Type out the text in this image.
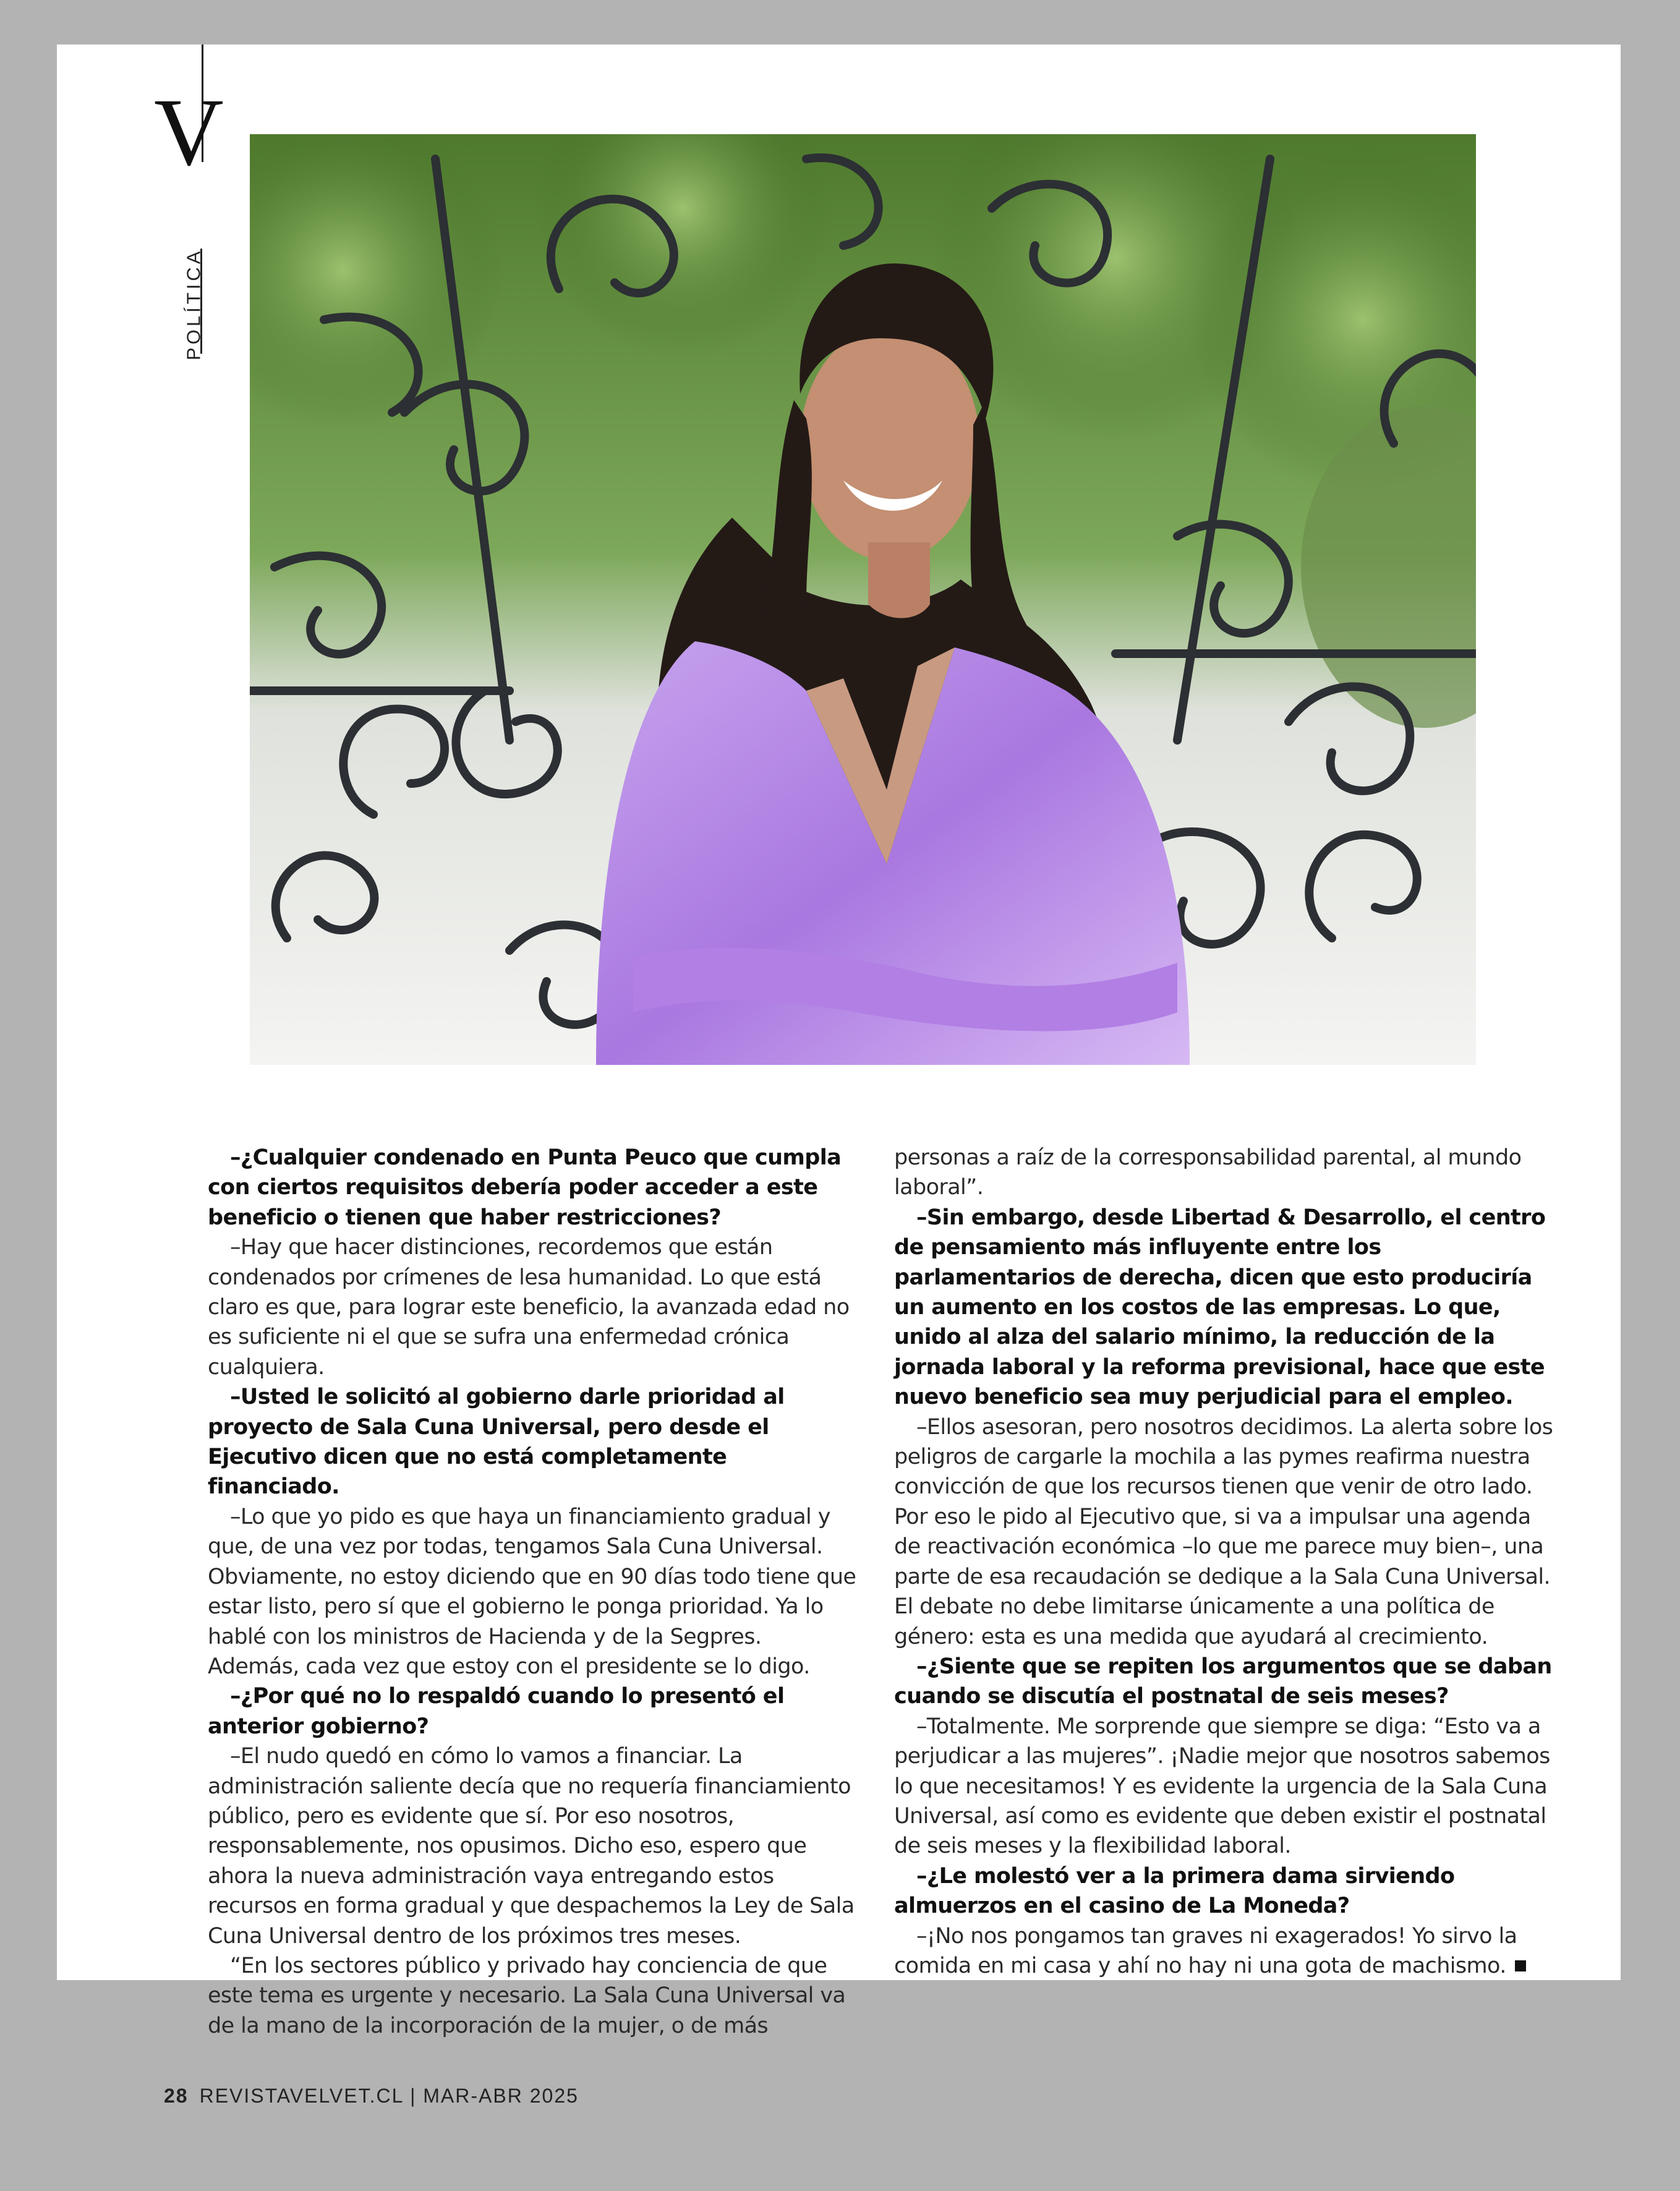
V
POLÍTICA

–¿Cualquier condenado en Punta Peuco que cumpla con ciertos requisitos debería poder acceder a este beneficio o tienen que haber restricciones?

–Hay que hacer distinciones, recordemos que están condenados por crímenes de lesa humanidad. Lo que está claro es que, para lograr este beneficio, la avanzada edad no es suficiente ni el que se sufra una enfermedad crónica cualquiera.

–Usted le solicitó al gobierno darle prioridad al proyecto de Sala Cuna Universal, pero desde el Ejecutivo dicen que no está completamente financiado.

–Lo que yo pido es que haya un financiamiento gradual y que, de una vez por todas, tengamos Sala Cuna Universal. Obviamente, no estoy diciendo que en 90 días todo tiene que estar listo, pero sí que el gobierno le ponga prioridad. Ya lo hablé con los ministros de Hacienda y de la Segpres. Además, cada vez que estoy con el presidente se lo digo.

–¿Por qué no lo respaldó cuando lo presentó el anterior gobierno?

–El nudo quedó en cómo lo vamos a financiar. La administración saliente decía que no requería financiamiento público, pero es evidente que sí. Por eso nosotros, responsablemente, nos opusimos. Dicho eso, espero que ahora la nueva administración vaya entregando estos recursos en forma gradual y que despachemos la Ley de Sala Cuna Universal dentro de los próximos tres meses.

“En los sectores público y privado hay conciencia de que este tema es urgente y necesario. La Sala Cuna Universal va de la mano de la incorporación de la mujer, o de más

personas a raíz de la corresponsabilidad parental, al mundo laboral”.

–Sin embargo, desde Libertad & Desarrollo, el centro de pensamiento más influyente entre los parlamentarios de derecha, dicen que esto produciría un aumento en los costos de las empresas. Lo que, unido al alza del salario mínimo, la reducción de la jornada laboral y la reforma previsional, hace que este nuevo beneficio sea muy perjudicial para el empleo.

–Ellos asesoran, pero nosotros decidimos. La alerta sobre los peligros de cargarle la mochila a las pymes reafirma nuestra convicción de que los recursos tienen que venir de otro lado. Por eso le pido al Ejecutivo que, si va a impulsar una agenda de reactivación económica –lo que me parece muy bien–, una parte de esa recaudación se dedique a la Sala Cuna Universal. El debate no debe limitarse únicamente a una política de género: esta es una medida que ayudará al crecimiento.

–¿Siente que se repiten los argumentos que se daban cuando se discutía el postnatal de seis meses?

–Totalmente. Me sorprende que siempre se diga: “Esto va a perjudicar a las mujeres”. ¡Nadie mejor que nosotros sabemos lo que necesitamos! Y es evidente la urgencia de la Sala Cuna Universal, así como es evidente que deben existir el postnatal de seis meses y la flexibilidad laboral.

–¿Le molestó ver a la primera dama sirviendo almuerzos en el casino de La Moneda?

–¡No nos pongamos tan graves ni exagerados! Yo sirvo la comida en mi casa y ahí no hay ni una gota de machismo.

28 REVISTAVELVET.CL | MAR-ABR 2025
